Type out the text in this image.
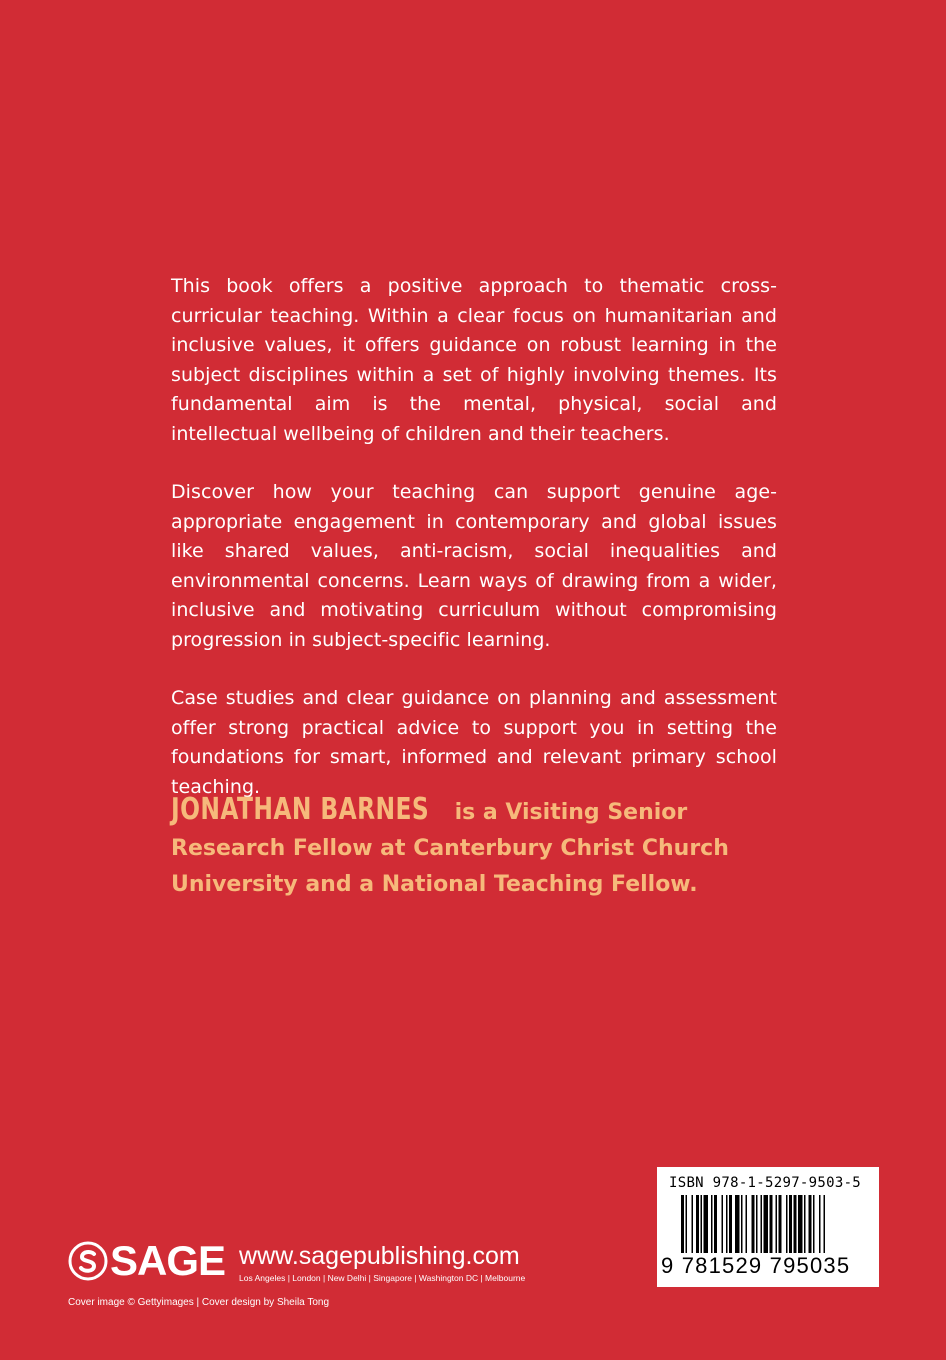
This book offers a positive approach to thematic cross-curricular teaching. Within a clear focus on humanitarian and inclusive values, it offers guidance on robust learning in the subject disciplines within a set of highly involving themes. Its fundamental aim is the mental, physical, social and intellectual wellbeing of children and their teachers.

Discover how your teaching can support genuine age-appropriate engagement in contemporary and global issues like shared values, anti-racism, social inequalities and environmental concerns. Learn ways of drawing from a wider, inclusive and motivating curriculum without compromising progression in subject-specific learning.

Case studies and clear guidance on planning and assessment offer strong practical advice to support you in setting the foundations for smart, informed and relevant primary school teaching.

JONATHAN BARNES is a Visiting Senior Research Fellow at Canterbury Christ Church University and a National Teaching Fellow.
SAGE www.sagepublishing.com
Los Angeles | London | New Delhi | Singapore | Washington DC | Melbourne
Cover image © Gettyimages | Cover design by Sheila Tong
ISBN 978-1-5297-9503-5
9 781529 795035
